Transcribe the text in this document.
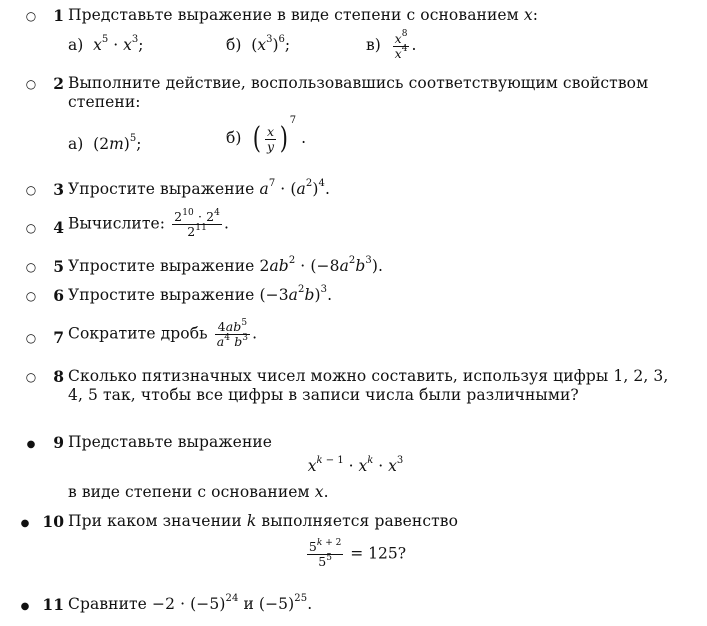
○
1 Представьте выражение в виде степени с основанием x:
а) $x^5 \cdot x^3$;	б) $(x^3)^6$;	$в) \frac{x^8}{x^4}$ .
○
2 Выполните действие, воспользовавшись соответствующим свойством степени:
а) $(2m)^5$;	б) ( $\frac{x}{y} )^7$ .
○
3 Упростите выражение $a^7 \cdot (a^2)^4$.
○
4 Вычислите: $\frac{2^{10} \cdot 2^4}{2^{11}}$ .
○
5 Упростите выражение $2ab^2 \cdot (-8a^2b^3)$.
○
6 Упростите выражение $(-3a^2b)^3$.
○
7 Сократите дробь $\frac{4ab^5}{a^4 b^3}$ .
○
8 Сколько пятизначных чисел можно составить, используя цифры 1, 2, 3, 4, 5 так, чтобы все цифры в записи числа были различными?
●
9 Представьте выражение
$x^{k - 1} \cdot x^k \cdot x^3$
в виде степени с основанием x.
●
10 При каком значении k выполняется равенство
$\frac{5^{k + 2}}{5^5} = 125$?
●
11 Сравните $-2 \cdot (-5)^{24}$ и $(-5)^{25}$.
